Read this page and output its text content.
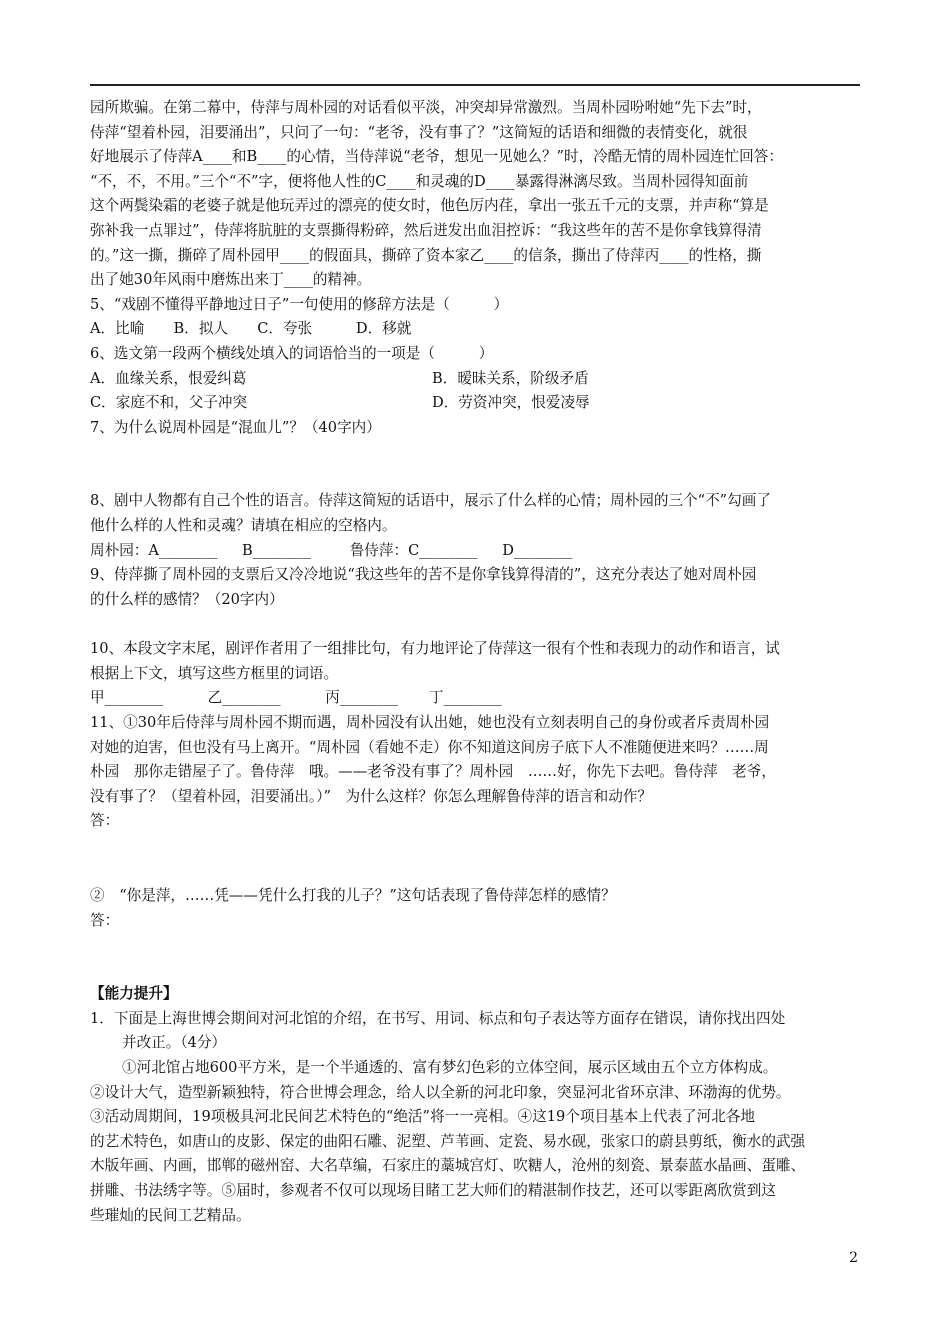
园所欺骗。在第二幕中，侍萍与周朴园的对话看似平淡，冲突却异常激烈。当周朴园吩咐她“先下去”时，

侍萍“望着朴园，泪要涌出”，只问了一句：“老爷，没有事了？”这简短的话语和细微的表情变化，就很

好地展示了侍萍A____和B____的心情，当侍萍说“老爷，想见一见她么？”时，冷酷无情的周朴园连忙回答：

“不，不，不用。”三个“不”字，便将他人性的C____和灵魂的D____暴露得淋漓尽致。当周朴园得知面前

这个两鬓染霜的老婆子就是他玩弄过的漂亮的使女时，他色厉内荏，拿出一张五千元的支票，并声称“算是

弥补我一点罪过”，侍萍将肮脏的支票撕得粉碎，然后迸发出血泪控诉：“我这些年的苦不是你拿钱算得清

的。”这一撕，撕碎了周朴园甲____的假面具，撕碎了资本家乙____的信条，撕出了侍萍丙____的性格，撕

出了她30年风雨中磨炼出来丁____的精神。

5、“戏剧不懂得平静地过日子”一句使用的修辞方法是（　　　）

A．比喻　　B．拟人　　C．夸张　　　D．移就

6、选文第一段两个横线处填入的词语恰当的一项是（　　　）

A．血缘关系，恨爱纠葛	B．暧昧关系，阶级矛盾
C．家庭不和，父子冲突	D．劳资冲突，恨爱凌辱

7、为什么说周朴园是“混血儿”？（40字内）

8、剧中人物都有自己个性的语言。侍萍这简短的话语中，展示了什么样的心情；周朴园的三个“不”勾画了

他什么样的人性和灵魂？请填在相应的空格内。

周朴园：A________ B________	鲁侍萍：C________ D________

9、侍萍撕了周朴园的支票后又冷冷地说“我这些年的苦不是你拿钱算得清的”，这充分表达了她对周朴园

的什么样的感情？（20字内）

10、本段文字末尾，剧评作者用了一组排比句，有力地评论了侍萍这一很有个性和表现力的动作和语言，试

根据上下文，填写这些方框里的词语。

甲________	乙________	丙________ 丁________

11、①30年后侍萍与周朴园不期而遇，周朴园没有认出她，她也没有立刻表明自己的身份或者斥责周朴园

对她的迫害，但也没有马上离开。“周朴园（看她不走）你不知道这间房子底下人不准随便进来吗？……周

朴园　那你走错屋子了。鲁侍萍　哦。——老爷没有事了？周朴园　……好，你先下去吧。鲁侍萍　老爷，

没有事了？（望着朴园，泪要涌出。）”　为什么这样？你怎么理解鲁侍萍的语言和动作？

答：

②　“你是萍，……凭——凭什么打我的儿子？”这句话表现了鲁侍萍怎样的感情？

答：

【能力提升】

1．下面是上海世博会期间对河北馆的介绍，在书写、用词、标点和句子表达等方面存在错误，请你找出四处

并改正。（4分）

①河北馆占地600平方米，是一个半通透的、富有梦幻色彩的立体空间，展示区域由五个立方体构成。

②设计大气，造型新颖独特，符合世博会理念，给人以全新的河北印象，突显河北省环京津、环渤海的优势。

③活动周期间，19项极具河北民间艺术特色的“绝活”将一一亮相。④这19个项目基本上代表了河北各地

的艺术特色，如唐山的皮影、保定的曲阳石雕、泥塑、芦苇画、定瓷、易水砚，张家口的蔚县剪纸，衡水的武强

木版年画、内画，邯郸的磁州窑、大名草编，石家庄的藁城宫灯、吹糖人，沧州的刻瓷、景泰蓝水晶画、蛋雕、

拼雕、书法绣字等。⑤届时，参观者不仅可以现场目睹工艺大师们的精湛制作技艺，还可以零距离欣赏到这

些璀灿的民间工艺精品。

2
